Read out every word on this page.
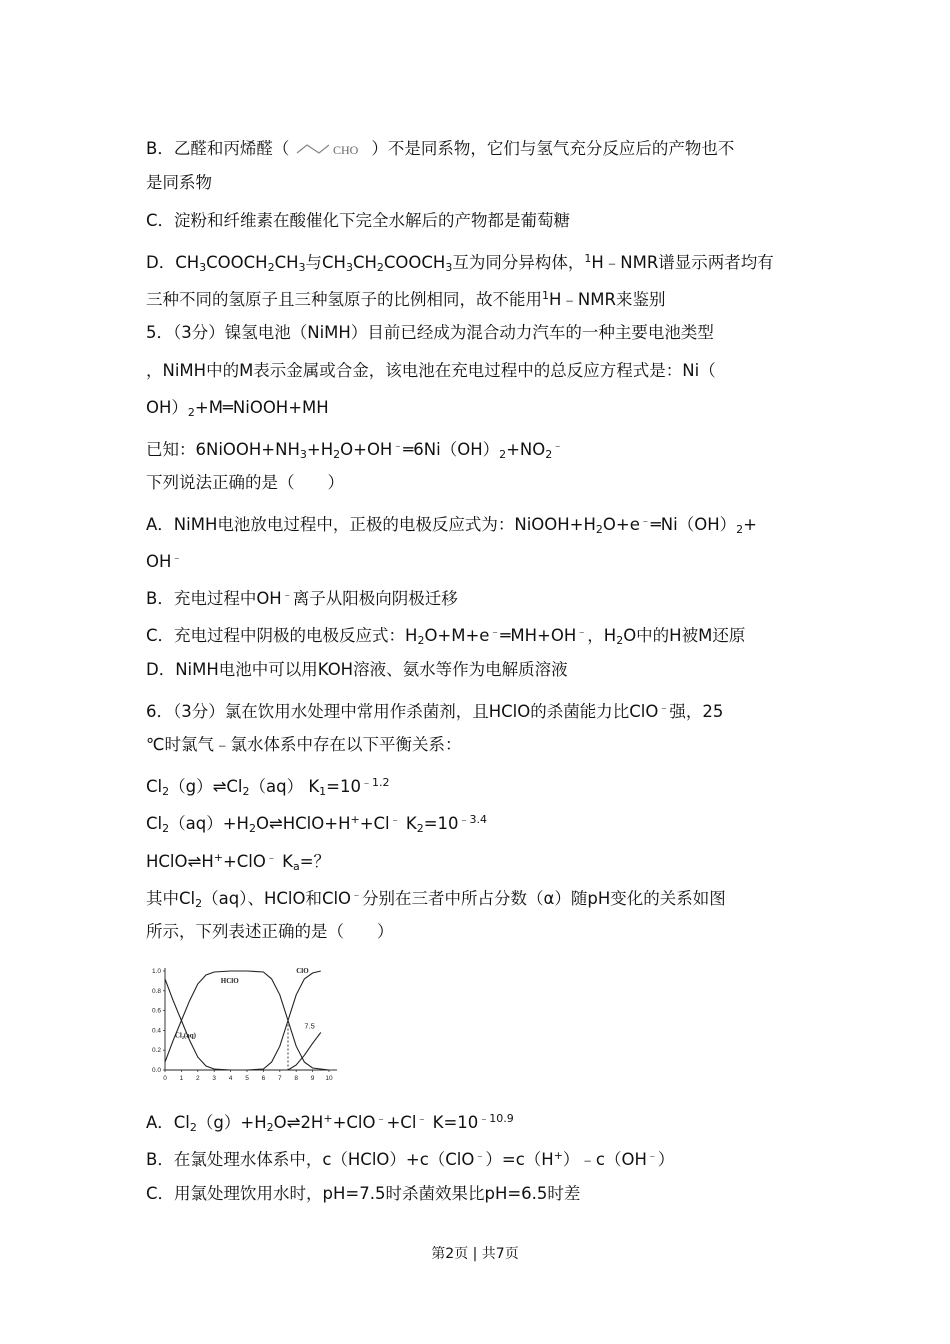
B．乙醛和丙烯醛（	CHO ）不是同系物，它们与氢气充分反应后的产物也不
是同系物
C．淀粉和纤维素在酸催化下完全水解后的产物都是葡萄糖
D．$CH_3COOCH_2CH_3$与$CH_3CH_2COOCH_3$互为同分异构体，$^1$H﹣NMR谱显示两者均有
三种不同的氢原子且三种氢原子的比例相同，故不能用$^1$H﹣NMR来鉴别
5．（3分）镍氢电池（NiMH）目前已经成为混合动力汽车的一种主要电池类型
，NiMH中的M表示金属或合金，该电池在充电过程中的总反应方程式是：Ni（
$OH)_2+M═NiOOH+MH$
已知：$6NiOOH+NH_3+H_2O+OH^﹣═6Ni(OH)_2+NO_2^﹣$
下列说法正确的是（　　）
A．NiMH电池放电过程中，正极的电极反应式为：$NiOOH+H_2O+e^﹣═Ni(OH)_2+$
OH﹣
B．充电过程中OH﹣离子从阳极向阴极迁移
C．充电过程中阴极的电极反应式：$H_2O+M+e^﹣═MH+OH^﹣$，$H_2O$中的H被M还原
D．NiMH电池中可以用KOH溶液、氨水等作为电解质溶液
6．（3分）氯在饮用水处理中常用作杀菌剂，且HClO的杀菌能力比ClO﹣强，25
℃时氯气﹣氯水体系中存在以下平衡关系：
$Cl_2(g)\rightleftharpoons Cl_2(aq)$ $K_1=10^{﹣1.2}$
$Cl_2(aq)+H_2O\rightleftharpoons HClO+H^++Cl^﹣$ $K_2=10^{﹣3.4}$
HClO⇌H++ClO﹣ $K_a=$？
其中$Cl_2(aq)$、HClO和ClO﹣分别在三者中所占分数（α）随pH变化的关系如图
所示，下列表述正确的是（　　）
0 1 2 3 4 5 6 7 8 9 10
0.0
0.2
0.4
0.6
0.8
1.0
Cl₂(aq)
HClO
ClO
7.5
A．$Cl_2(g)+H_2O\rightleftharpoons 2H^++ClO^﹣+Cl^﹣$ $K=10^{﹣10.9}$
B．在氯处理水体系中，c（HClO）+c（ClO﹣）=c（H+）﹣c（OH﹣）
C．用氯处理饮用水时，pH=7.5时杀菌效果比pH=6.5时差
第2页 | 共7页
